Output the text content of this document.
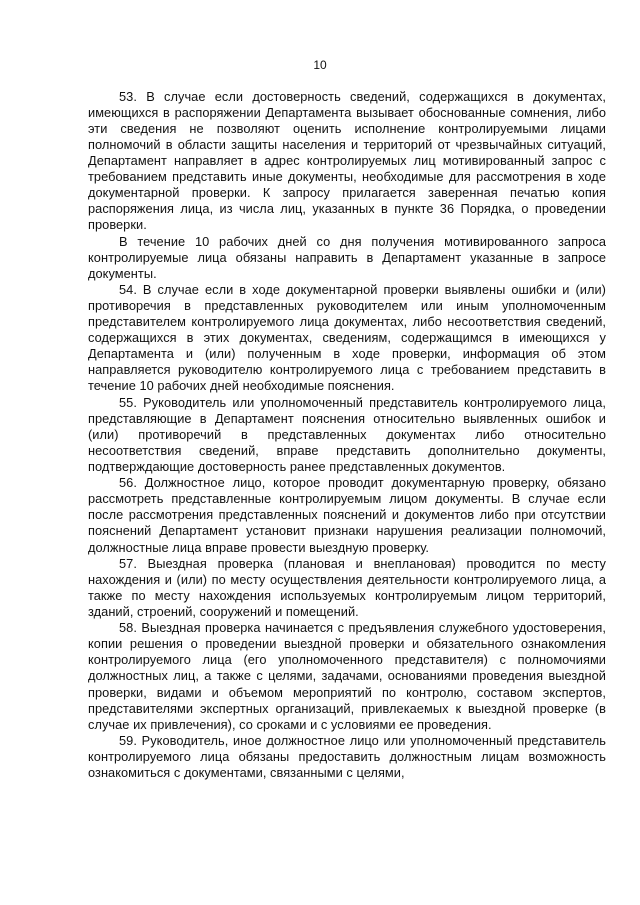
10

53. В случае если достоверность сведений, содержащихся в документах, имеющихся в распоряжении Департамента вызывает обоснованные сомнения, либо эти сведения не позволяют оценить исполнение контролируемыми лицами полномочий в области защиты населения и территорий от чрезвычайных ситуаций, Департамент направляет в адрес контролируемых лиц мотивированный запрос с требованием представить иные документы, необходимые для рассмотрения в ходе документарной проверки. К запросу прилагается заверенная печатью копия распоряжения лица, из числа лиц, указанных в пункте 36 Порядка, о проведении проверки.

В течение 10 рабочих дней со дня получения мотивированного запроса контролируемые лица обязаны направить в Департамент указанные в запросе документы.

54. В случае если в ходе документарной проверки выявлены ошибки и (или) противоречия в представленных руководителем или иным уполномоченным представителем контролируемого лица документах, либо несоответствия сведений, содержащихся в этих документах, сведениям, содержащимся в имеющихся у Департамента и (или) полученным в ходе проверки, информация об этом направляется руководителю контролируемого лица с требованием представить в течение 10 рабочих дней необходимые пояснения.

55. Руководитель или уполномоченный представитель контролируемого лица, представляющие в Департамент пояснения относительно выявленных ошибок и (или) противоречий в представленных документах либо относительно несоответствия сведений, вправе представить дополнительно документы, подтверждающие достоверность ранее представленных документов.

56. Должностное лицо, которое проводит документарную проверку, обязано рассмотреть представленные контролируемым лицом документы. В случае если после рассмотрения представленных пояснений и документов либо при отсутствии пояснений Департамент установит признаки нарушения реализации полномочий, должностные лица вправе провести выездную проверку.

57. Выездная проверка (плановая и внеплановая) проводится по месту нахождения и (или) по месту осуществления деятельности контролируемого лица, а также по месту нахождения используемых контролируемым лицом территорий, зданий, строений, сооружений и помещений.

58. Выездная проверка начинается с предъявления служебного удостоверения, копии решения о проведении выездной проверки и обязательного ознакомления контролируемого лица (его уполномоченного представителя) с полномочиями должностных лиц, а также с целями, задачами, основаниями проведения выездной проверки, видами и объемом мероприятий по контролю, составом экспертов, представителями экспертных организаций, привлекаемых к выездной проверке (в случае их привлечения), со сроками и с условиями ее проведения.

59. Руководитель, иное должностное лицо или уполномоченный представитель контролируемого лица обязаны предоставить должностным лицам возможность ознакомиться с документами, связанными с целями,
